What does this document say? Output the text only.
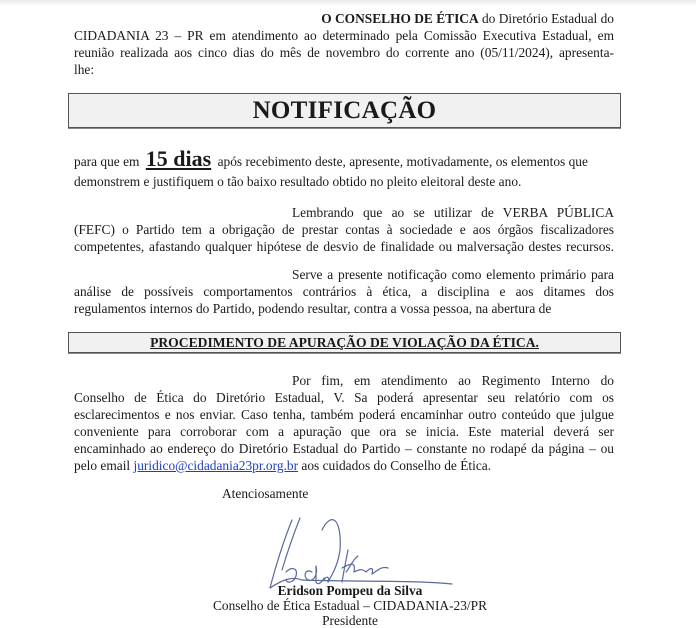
O CONSELHO DE ÉTICA do Diretório Estadual do
CIDADANIA 23 – PR em atendimento ao determinado pela Comissão Executiva Estadual, em
reunião realizada aos cinco dias do mês de novembro do corrente ano (05/11/2024), apresenta-
lhe:
NOTIFICAÇÃO
para que em 15 dias após recebimento deste, apresente, motivadamente, os elementos que
demonstrem e justifiquem o tão baixo resultado obtido no pleito eleitoral deste ano.
Lembrando que ao se utilizar de VERBA PÚBLICA
(FEFC) o Partido tem a obrigação de prestar contas à sociedade e aos órgãos fiscalizadores
competentes, afastando qualquer hipótese de desvio de finalidade ou malversação destes recursos.
Serve a presente notificação como elemento primário para
análise de possíveis comportamentos contrários à ética, a disciplina e aos ditames dos
regulamentos internos do Partido, podendo resultar, contra a vossa pessoa, na abertura de
PROCEDIMENTO DE APURAÇÃO DE VIOLAÇÃO DA ÉTICA.
Por fim, em atendimento ao Regimento Interno do
Conselho de Ética do Diretório Estadual, V. Sa poderá apresentar seu relatório com os
esclarecimentos e nos enviar. Caso tenha, também poderá encaminhar outro conteúdo que julgue
conveniente para corroborar com a apuração que ora se inicia. Este material deverá ser
encaminhado ao endereço do Diretório Estadual do Partido – constante no rodapé da página – ou
pelo email juridico@cidadania23pr.org.br aos cuidados do Conselho de Ética.
Atenciosamente
Eridson Pompeu da Silva
Conselho de Ética Estadual – CIDADANIA-23/PR
Presidente
